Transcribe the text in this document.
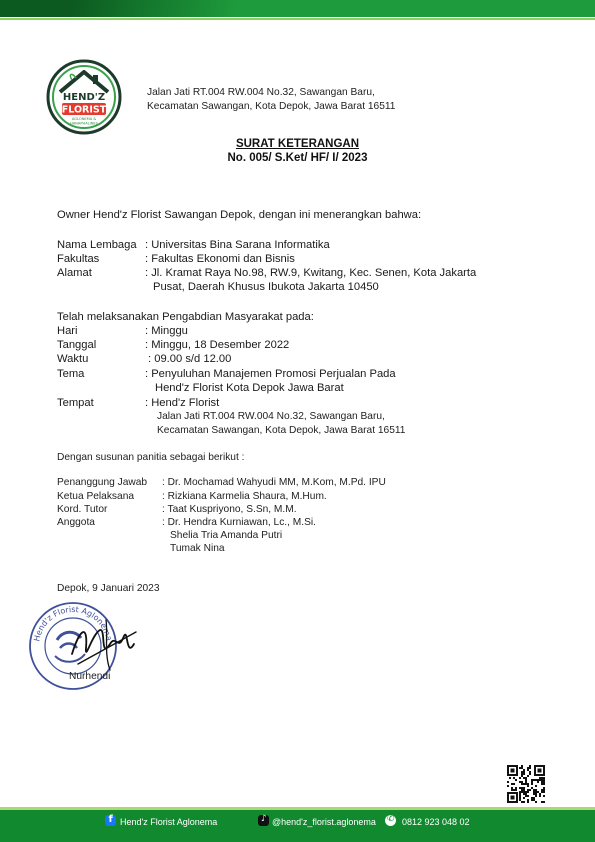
HEND'Z
FLORIST
AGLONEMA &
HANAPHALINES
Jalan Jati RT.004 RW.004 No.32, Sawangan Baru,
Kecamatan Sawangan, Kota Depok, Jawa Barat 16511
SURAT KETERANGAN
No. 005/ S.Ket/ HF/ I/ 2023
Owner Hend'z Florist Sawangan Depok, dengan ini menerangkan bahwa:
Nama Lembaga : Universitas Bina Sarana Informatika
Fakultas	: Fakultas Ekonomi dan Bisnis
Alamat	: Jl. Kramat Raya No.98, RW.9, Kwitang, Kec. Senen, Kota Jakarta
Pusat, Daerah Khusus Ibukota Jakarta 10450
Telah melaksanakan Pengabdian Masyarakat pada:
Hari	: Minggu
Tanggal	: Minggu, 18 Desember 2022
Waktu	: 09.00 s/d 12.00
Tema	: Penyuluhan Manajemen Promosi Perjualan Pada
Hend'z Florist Kota Depok Jawa Barat
Tempat	: Hend'z Florist
Jalan Jati RT.004 RW.004 No.32, Sawangan Baru,
Kecamatan Sawangan, Kota Depok, Jawa Barat 16511
Dengan susunan panitia sebagai berikut :
Penanggung Jawab : Dr. Mochamad Wahyudi MM, M.Kom, M.Pd. IPU
Ketua Pelaksana	: Rizkiana Karmelia Shaura, M.Hum.
Kord. Tutor	: Taat Kuspriyono, S.Sn, M.M.
Anggota	: Dr. Hendra Kurniawan, Lc., M.Si.
Shelia Tria Amanda Putri
Tumak Nina
Depok, 9 Januari 2023
Hend'z Florist Aglonema
Nurhendi
f Hend'z Florist Aglonema	♪ @hend'z_florist.aglonema ✆ 0812 923 048 02
